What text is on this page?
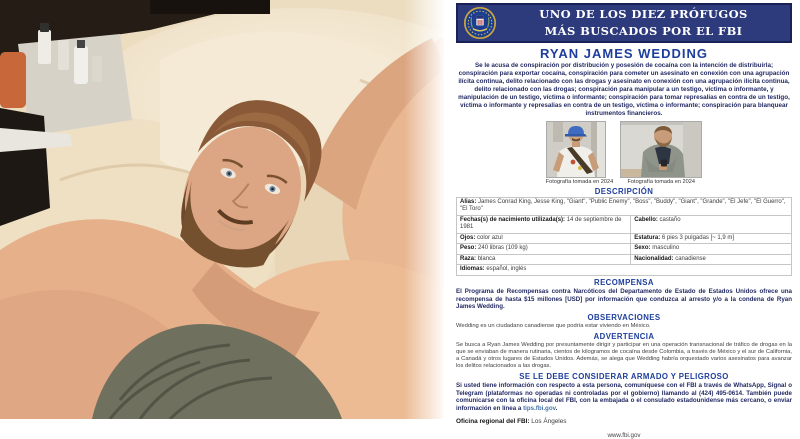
UNO DE LOS DIEZ PRÓFUGOS
MÁS BUSCADOS POR EL FBI
RYAN JAMES WEDDING

Se le acusa de conspiración por distribución y posesión de cocaína con la intención de distribuirla; conspiración para exportar cocaína, conspiración para cometer un asesinato en conexión con una agrupación ilícita continua, delito relacionado con las drogas y asesinato en conexión con una agrupación ilícita continua, delito relacionado con las drogas; conspiración para manipular a un testigo, víctima o informante, y manipulación de un testigo, víctima o informante; conspiración para tomar represalias en contra de un testigo, víctima o informante y represalias en contra de un testigo, víctima o informante; conspiración para blanquear instrumentos financieros.

Fotografía tomada en 2024	Fotografía tomada en 2024
DESCRIPCIÓN
Alias: James Conrad King, Jesse King, "Giant", "Public Enemy", "Boss", "Buddy", "Giant", "Grande", "El Jefe", "El Guerro", "El Toro"	
Fechas(s) de nacimiento utilizada(s): 14 de septiembre de 1981	Cabello: castaño
Ojos: color azul	Estatura: 6 pies 3 pulgadas [~ 1,9 m]
Peso: 240 libras (109 kg)	Sexo: masculino
Raza: blanca	Nacionalidad: canadiense
Idiomas: español, inglés	
RECOMPENSA

El Programa de Recompensas contra Narcóticos del Departamento de Estado de Estados Unidos ofrece una recompensa de hasta $15 millones [USD] por información que conduzca al arresto y/o a la condena de Ryan James Wedding.

OBSERVACIONES

Wedding es un ciudadano canadiense que podría estar viviendo en México.

ADVERTENCIA

Se busca a Ryan James Wedding por presuntamente dirigir y participar en una operación transnacional de tráfico de drogas en la que se enviaban de manera rutinaria, cientos de kilogramos de cocaína desde Colombia, a través de México y el sur de California, a Canadá y otros lugares de Estados Unidos. Además, se alega que Wedding habría orquestado varios asesinatos para avanzar los delitos relacionados a las drogas.

SE LE DEBE CONSIDERAR ARMADO Y PELIGROSO

Si usted tiene información con respecto a esta persona, comuníquese con el FBI a través de WhatsApp, Signal o Telegram (plataformas no operadas ni controladas por el gobierno) llamando al (424) 495-0614. También puede comunicarse con la oficina local del FBI, con la embajada o el consulado estadounidense más cercano, o enviar información en línea a tips.fbi.gov.

Oficina regional del FBI: Los Ángeles
www.fbi.gov
